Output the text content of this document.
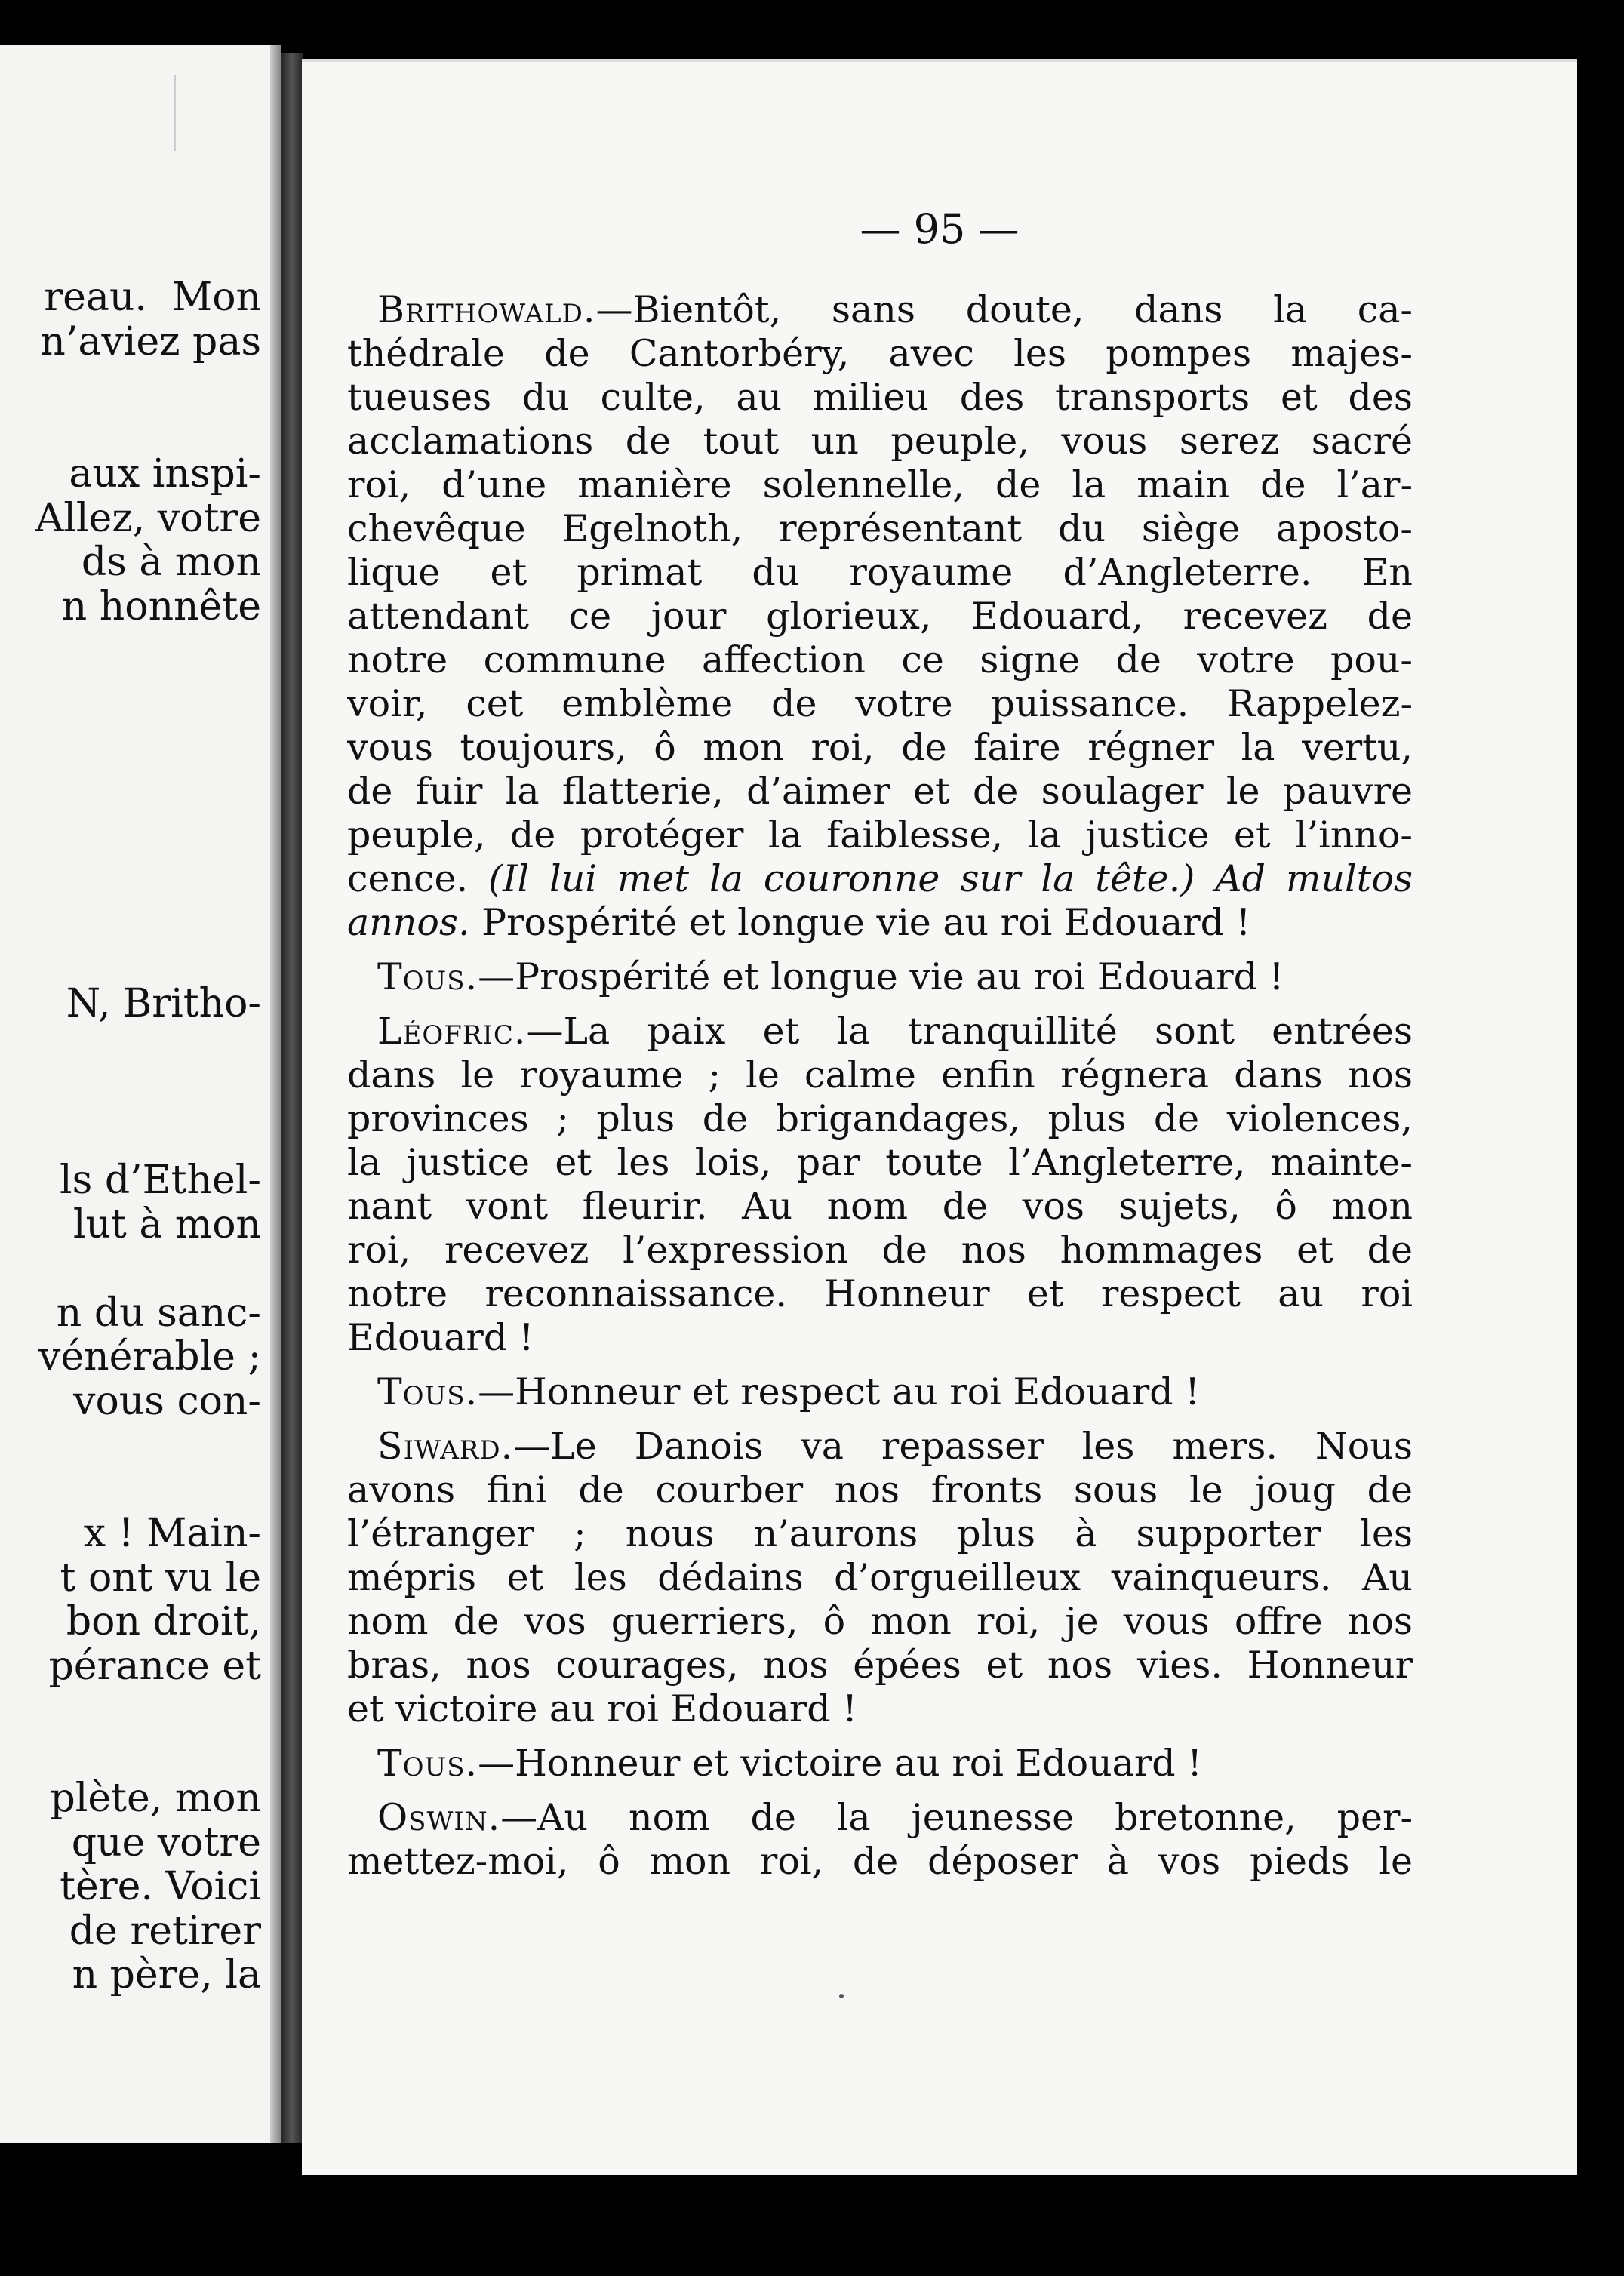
reau.  Mon
n’aviez pas
aux inspi-
Allez, votre
ds à mon
n honnête
N, Britho-
ls d’Ethel-
lut à mon
n du sanc-
vénérable ;
vous con-
x ! Main-
t ont vu le
bon droit,
pérance et
plète, mon
que votre
tère. Voici
de retirer
n père, la
— 95 —
Brithowald.—Bientôt, sans doute, dans la ca-
thédrale de Cantorbéry, avec les pompes majes-
tueuses du culte, au milieu des transports et des
acclamations de tout un peuple, vous serez sacré
roi, d’une manière solennelle, de la main de l’ar-
chevêque Egelnoth, représentant du siège aposto-
lique et primat du royaume d’Angleterre. En
attendant ce jour glorieux, Edouard, recevez de
notre commune affection ce signe de votre pou-
voir, cet emblème de votre puissance. Rappelez-
vous toujours, ô mon roi, de faire régner la vertu,
de fuir la flatterie, d’aimer et de soulager le pauvre
peuple, de protéger la faiblesse, la justice et l’inno-
cence. (Il lui met la couronne sur la tête.) Ad multos
annos. Prospérité et longue vie au roi Edouard !
Tous.—Prospérité et longue vie au roi Edouard !
Léofric.—La paix et la tranquillité sont entrées
dans le royaume ; le calme enfin régnera dans nos
provinces ; plus de brigandages, plus de violences,
la justice et les lois, par toute l’Angleterre, mainte-
nant vont fleurir. Au nom de vos sujets, ô mon
roi, recevez l’expression de nos hommages et de
notre reconnaissance. Honneur et respect au roi
Edouard !
Tous.—Honneur et respect au roi Edouard !
Siward.—Le Danois va repasser les mers. Nous
avons fini de courber nos fronts sous le joug de
l’étranger ; nous n’aurons plus à supporter les
mépris et les dédains d’orgueilleux vainqueurs. Au
nom de vos guerriers, ô mon roi, je vous offre nos
bras, nos courages, nos épées et nos vies. Honneur
et victoire au roi Edouard !
Tous.—Honneur et victoire au roi Edouard !
Oswin.—Au nom de la jeunesse bretonne, per-
mettez-moi, ô mon roi, de déposer à vos pieds le
